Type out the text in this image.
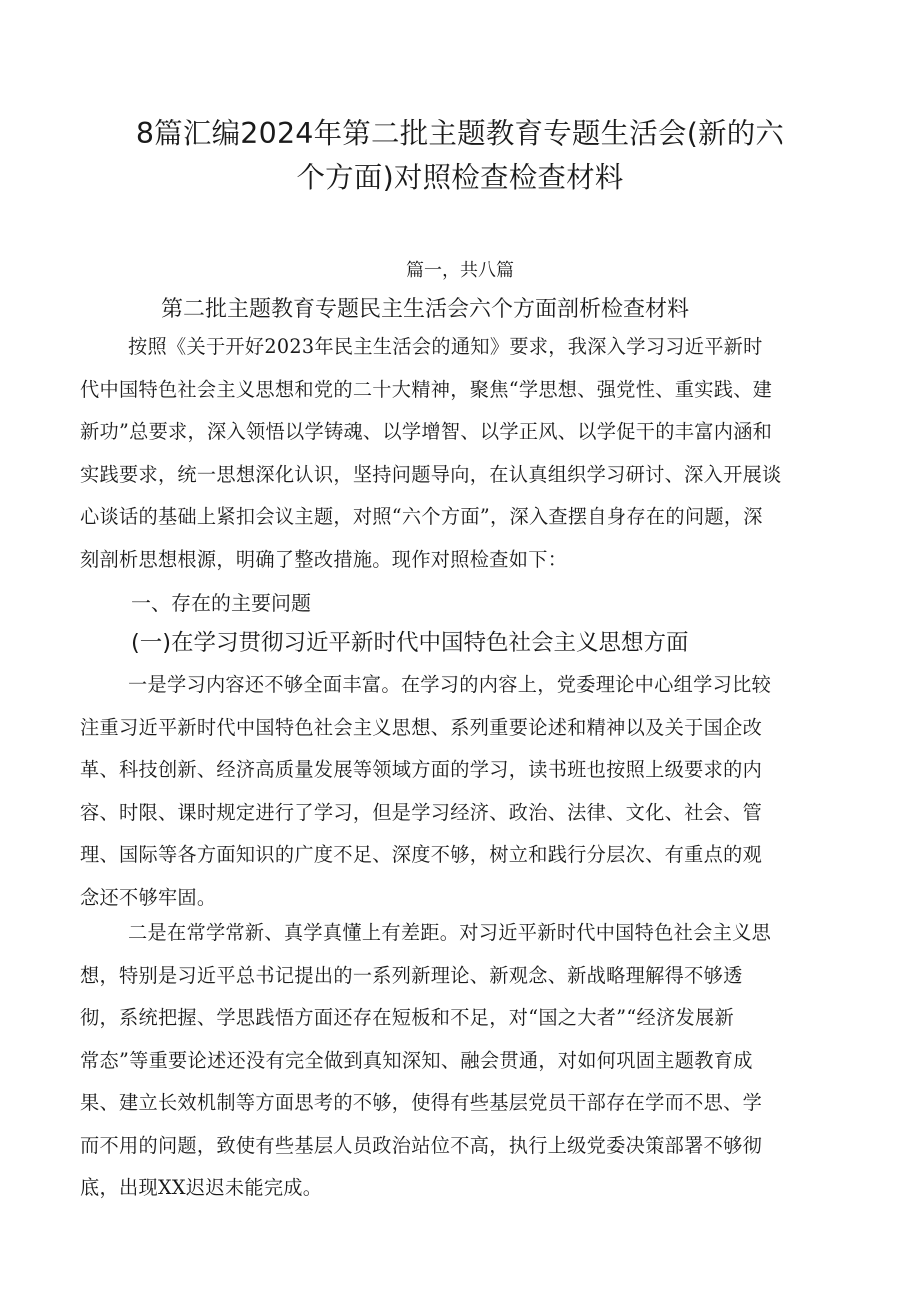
8篇汇编2024年第二批主题教育专题生活会(新的六
个方面)对照检查检查材料
篇一，共八篇
第二批主题教育专题民主生活会六个方面剖析检查材料

按照《关于开好2023年民主生活会的通知》要求，我深入学习习近平新时
代中国特色社会主义思想和党的二十大精神，聚焦“学思想、强党性、重实践、建
新功”总要求，深入领悟以学铸魂、以学增智、以学正风、以学促干的丰富内涵和
实践要求，统一思想深化认识，坚持问题导向，在认真组织学习研讨、深入开展谈
心谈话的基础上紧扣会议主题，对照“六个方面”，深入查摆自身存在的问题，深
刻剖析思想根源，明确了整改措施。现作对照检查如下：

一、存在的主要问题
(一)在学习贯彻习近平新时代中国特色社会主义思想方面

一是学习内容还不够全面丰富。在学习的内容上，党委理论中心组学习比较
注重习近平新时代中国特色社会主义思想、系列重要论述和精神以及关于国企改
革、科技创新、经济高质量发展等领域方面的学习，读书班也按照上级要求的内
容、时限、课时规定进行了学习，但是学习经济、政治、法律、文化、社会、管
理、国际等各方面知识的广度不足、深度不够，树立和践行分层次、有重点的观
念还不够牢固。

二是在常学常新、真学真懂上有差距。对习近平新时代中国特色社会主义思
想，特别是习近平总书记提出的一系列新理论、新观念、新战略理解得不够透
彻，系统把握、学思践悟方面还存在短板和不足，对“国之大者”“经济发展新
常态”等重要论述还没有完全做到真知深知、融会贯通，对如何巩固主题教育成
果、建立长效机制等方面思考的不够，使得有些基层党员干部存在学而不思、学
而不用的问题，致使有些基层人员政治站位不高，执行上级党委决策部署不够彻
底，出现XX迟迟未能完成。
